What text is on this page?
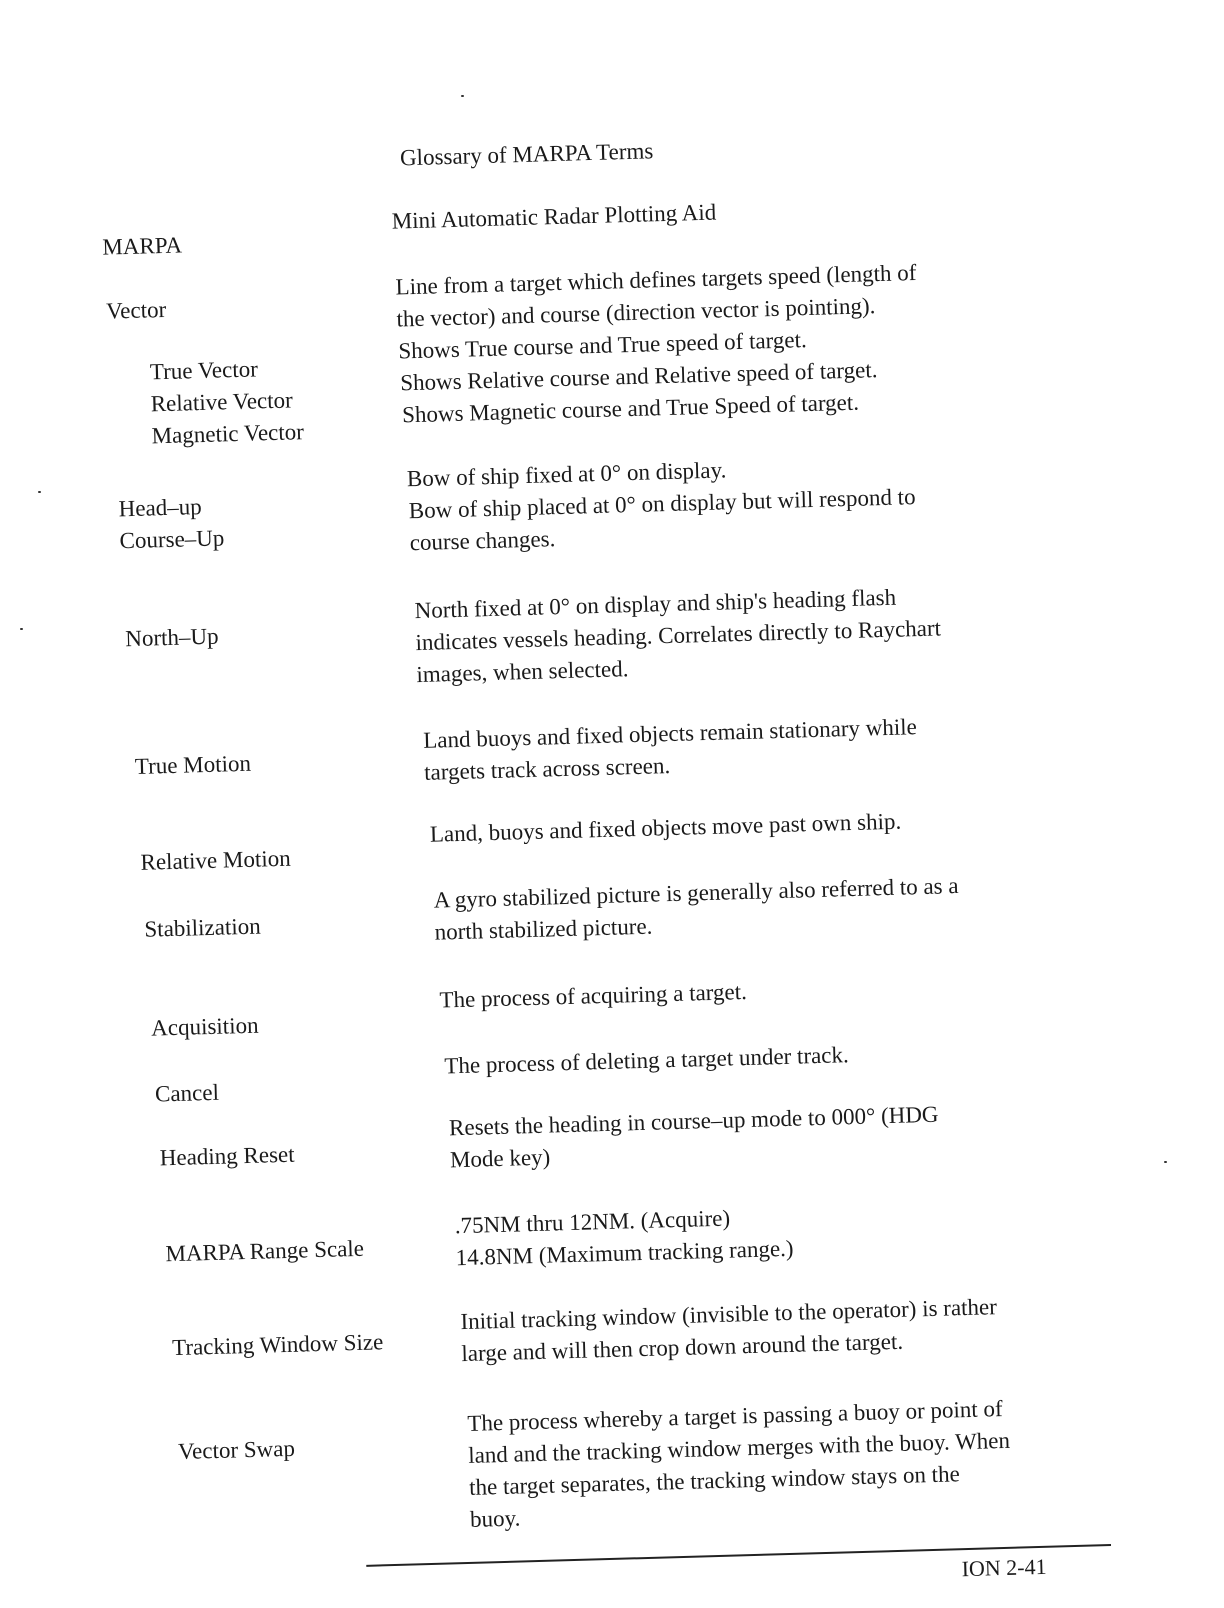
Glossary of MARPA Terms
MARPA
Mini Automatic Radar Plotting Aid
Vector
Line from a target which defines targets speed (length of
the vector) and course (direction vector is pointing).
True Vector
Relative Vector
Magnetic Vector
Shows True course and True speed of target.
Shows Relative course and Relative speed of target.
Shows Magnetic course and True Speed of target.
Head–up
Course–Up
Bow of ship fixed at 0° on display.
Bow of ship placed at 0° on display but will respond to
course changes.
North–Up
North fixed at 0° on display and ship's heading flash
indicates vessels heading. Correlates directly to Raychart
images, when selected.
True Motion
Land buoys and fixed objects remain stationary while
targets track across screen.
Relative Motion
Land, buoys and fixed objects move past own ship.
Stabilization
A gyro stabilized picture is generally also referred to as a
north stabilized picture.
Acquisition
The process of acquiring a target.
Cancel
The process of deleting a target under track.
Heading Reset
Resets the heading in course–up mode to 000° (HDG
Mode key)
MARPA Range Scale
.75NM thru 12NM. (Acquire)
14.8NM (Maximum tracking range.)
Tracking Window Size
Initial tracking window (invisible to the operator) is rather
large and will then crop down around the target.
Vector Swap
The process whereby a target is passing a buoy or point of
land and the tracking window merges with the buoy. When
the target separates, the tracking window stays on the
buoy.
ION 2-41
